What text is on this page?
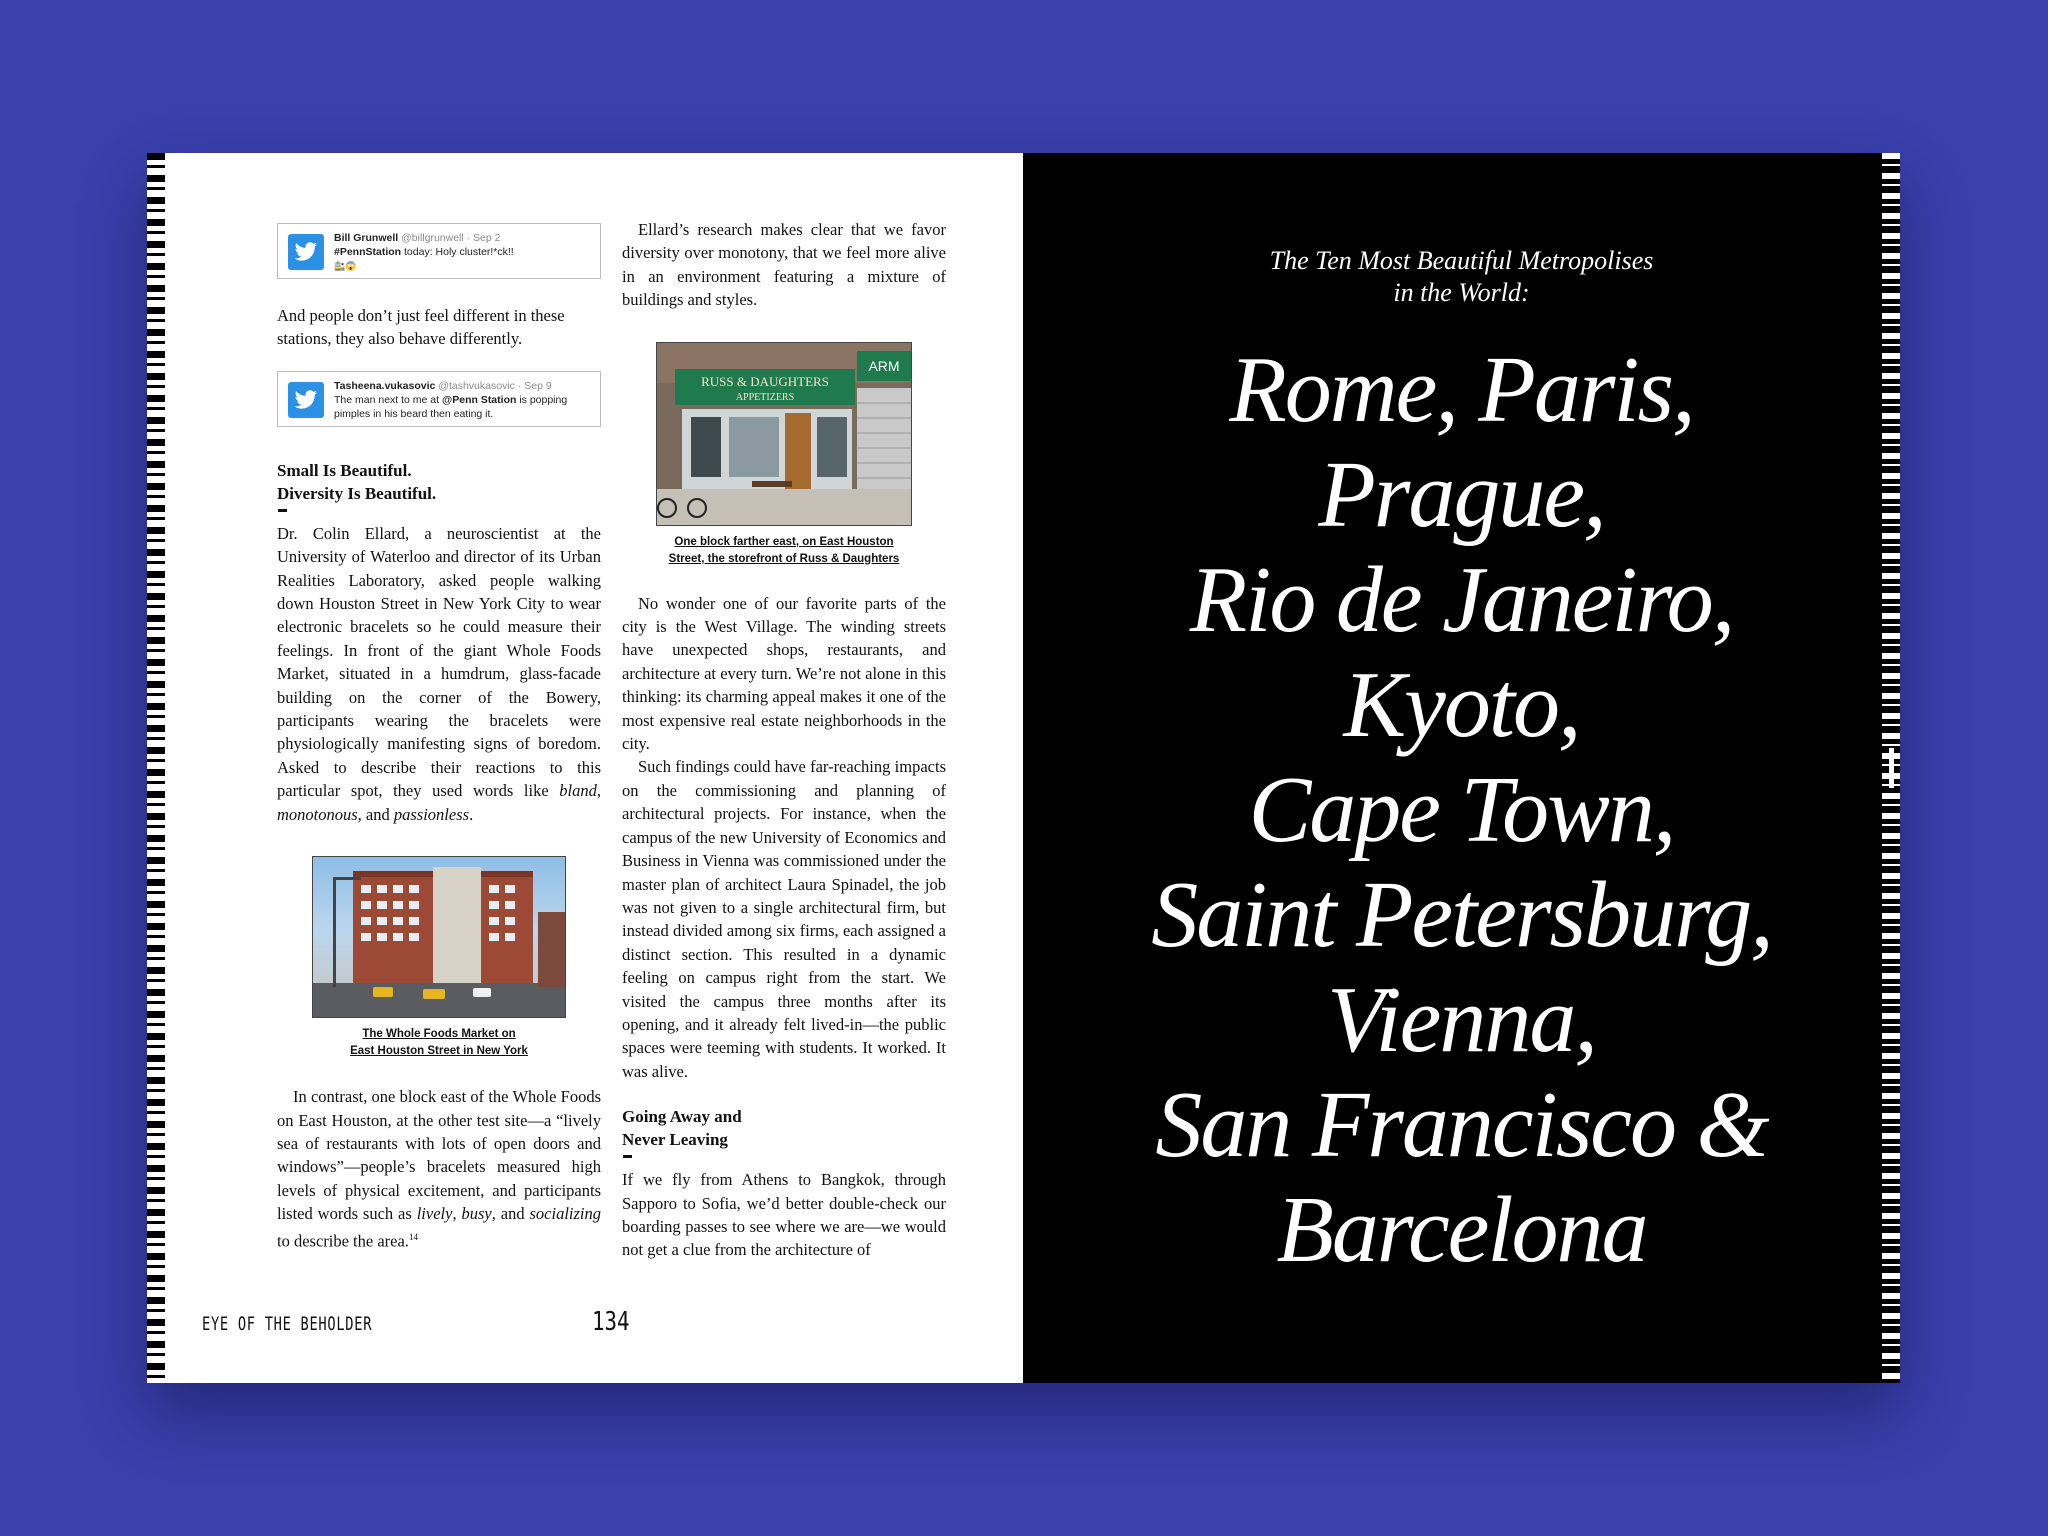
Bill Grunwell @billgrunwell · Sep 2
#PennStation today: Holy cluster!*ck!!
🚉😱

And people don’t just feel different in these stations, they also behave differently.

Tasheena.vukasovic @tashvukasovic · Sep 9
The man next to me at @Penn Station is popping pimples in his beard then eating it.

Small Is Beautiful.

Diversity Is Beautiful.

Dr. Colin Ellard, a neuroscientist at the University of Waterloo and director of its Urban Realities Laboratory, asked people walking down Houston Street in New York City to wear electronic bracelets so he could measure their feelings. In front of the giant Whole Foods Market, situated in a humdrum, glass-facade building on the corner of the Bowery, participants wearing the bracelets were physiologically manifesting signs of boredom. Asked to describe their reactions to this particular spot, they used words like bland, monotonous, and passionless.

The Whole Foods Market on
East Houston Street in New York

In contrast, one block east of the Whole Foods on East Houston, at the other test site—a “lively sea of restaurants with lots of open doors and windows”—people’s bracelets measured high levels of physical excitement, and participants listed words such as lively, busy, and socializing to describe the area.$^{14}$

Ellard’s research makes clear that we favor diversity over monotony, that we feel more alive in an environment featuring a mixture of buildings and styles.

RUSS & DAUGHTERS
APPETIZERS
ARM
One block farther east, on East Houston
Street, the storefront of Russ & Daughters

No wonder one of our favorite parts of the city is the West Village. The winding streets have unexpected shops, restaurants, and architecture at every turn. We’re not alone in this thinking: its charming appeal makes it one of the most expensive real estate neighborhoods in the city.

Such findings could have far-reaching impacts on the commissioning and planning of architectural projects. For instance, when the campus of the new University of Economics and Business in Vienna was commissioned under the master plan of architect Laura Spinadel, the job was not given to a single architectural firm, but instead divided among six firms, each assigned a distinct section. This resulted in a dynamic feeling on campus right from the start. We visited the campus three months after its opening, and it already felt lived-in—the public spaces were teeming with students. It worked. It was alive.

Going Away and

Never Leaving

If we fly from Athens to Bangkok, through Sapporo to Sofia, we’d better double-check our boarding passes to see where we are—we would not get a clue from the architecture of

EYE OF THE BEHOLDER	134
The Ten Most Beautiful Metropolises
in the World:
Rome, Paris,
Prague,
Rio de Janeiro,
Kyoto,
Cape Town,
Saint Petersburg,
Vienna,
San Francisco &
Barcelona
